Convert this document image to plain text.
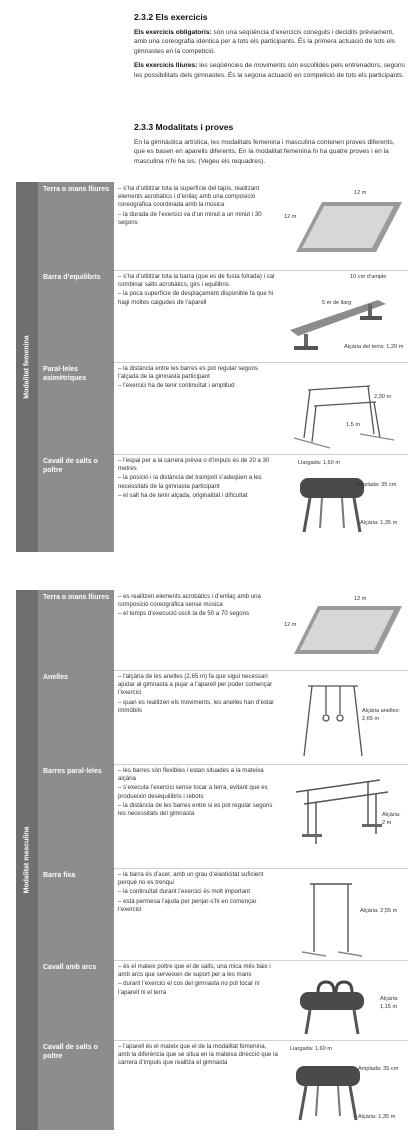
2.3.2 Els exercicis

Els exercicis obligatoris: són una seqüència d’exercicis coneguts i decidits prèviament, amb una coreografia idèntica per a tots els participants. És la primera actuació de tots els gimnastes en la competició.

Els exercicis lliures: les seqüències de moviments són escollides pels entrenadors, segons les possibilitats dels gimnastes. És la segona actuació en competició de tots els participants.

2.3.3 Modalitats i proves

En la gimnàstica artística, les modalitats femenina i masculina contenen proves diferents, que es basen en aparells diferents. En la modalitat femenina hi ha quatre proves i en la masculina n’hi ha sis. (Vegeu els requadres).

Modalitat femenina
Terra o mans lliures	– s’ha d’utilitzar tota la superfície del tapís, realitzant elements acrobàtics i d’enllaç amb una composició coreogràfica coordinada amb la música
– la durada de l’exercici va d’un minut a un minut i 30 segons
12 m
12 m
Barra d’equilibris	– s’ha d’utilitzar tota la barra (que es de fusta folrada) i cal combinar salts acrobàtics, girs i equilibris
– la poca superfície de desplaçament disponible fa que hi hagi moltes caigudes de l’aparell
10 cm d’ample
5 m de llarg
Alçària del terra: 1,20 m
Paral·leles asimètriques
– la distància entre les barres es pot regular segons l’alçada de la gimnasta participant
– l’exercici ha de tenir continuïtat i amplitud
2,30 m
1,5 m
Cavall de salts o poltre
– l’espai per a la carrera prèvia o d’impuls és de 20 a 30 metres
– la posició i la distància del trampolí s’adeqüen a les necessitats de la gimnasta participant
– el salt ha de tenir alçada, originalitat i dificultat
Llargada: 1,60 m
Amplada: 35 cm
Alçària: 1,35 m
Modalitat masculina
Terra o mans lliures	– es realitzen elements acrobàtics i d’enllaç amb una composició coreogràfica sense música
– el temps d’execució oscil·la de 50 a 70 segons
12 m
12 m
Anelles	– l’alçària de les anelles (2,65 m) fa que sigui necessari ajudar al gimnasta a pujar a l’aparell per poder començar l’exercici
– quan es realitzen els moviments, les anelles han d’estar immòbils	Alçària anelles:
2,65 m
Barres paral·leles	– les barres són flexibles i estan situades a la mateixa alçària
– s’executa l’exercici sense tocar a terra, evitant que es produeixin desequilibris i rebots
– la distància de les barres entre si es pot regular segons les necessitats del gimnasta	Alçària:
2 m
Barra fixa	– la barra és d’acer, amb un grau d’elasticitat suficient perquè no es trenqui
– la continuïtat durant l’exercici és molt important
– està permesa l’ajuda per penjar-s’hi en començar l’exercici	Alçària: 2,55 m
Cavall amb arcs	– és el mateix poltre que el de salts, una mica més baix i amb arcs que serveixen de suport per a les mans
– durant l’exercici el cos del gimnasta no pot tocar ni l’aparell ni el terra
Alçària:
1,15 m
Cavall de salts o poltre
– l’aparell és el mateix que el de la modalitat femenina, amb la diferència que se situa en la mateixa direcció que la carrera d’impuls que realitza el gimnasta
Llargada: 1,60 m
Amplada: 35 cm
Alçària: 1,35 m
